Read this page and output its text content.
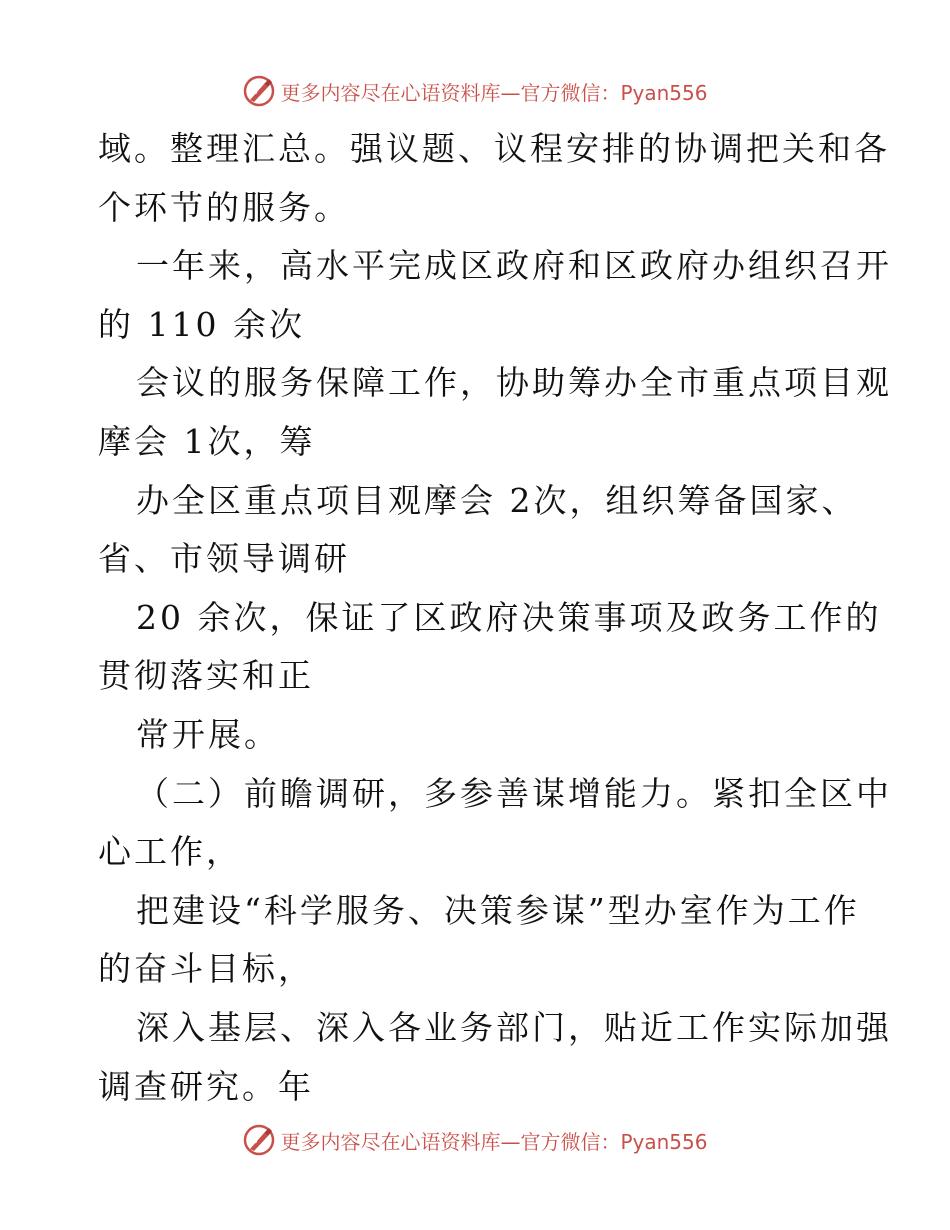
更多内容尽在心语资料库—官方微信：Pyan556
域。整理汇总。强议题、议程安排的协调把关和各
个环节的服务。
一年来，高水平完成区政府和区政府办组织召开
的 110 余次
会议的服务保障工作，协助筹办全市重点项目观
摩会 1次，筹
办全区重点项目观摩会 2次，组织筹备国家、
省、市领导调研
20 余次，保证了区政府决策事项及政务工作的
贯彻落实和正
常开展。
（二）前瞻调研，多参善谋增能力。紧扣全区中
心工作，
把建设“科学服务、决策参谋”型办室作为工作
的奋斗目标，
深入基层、深入各业务部门，贴近工作实际加强
调查研究。年
更多内容尽在心语资料库—官方微信：Pyan556
